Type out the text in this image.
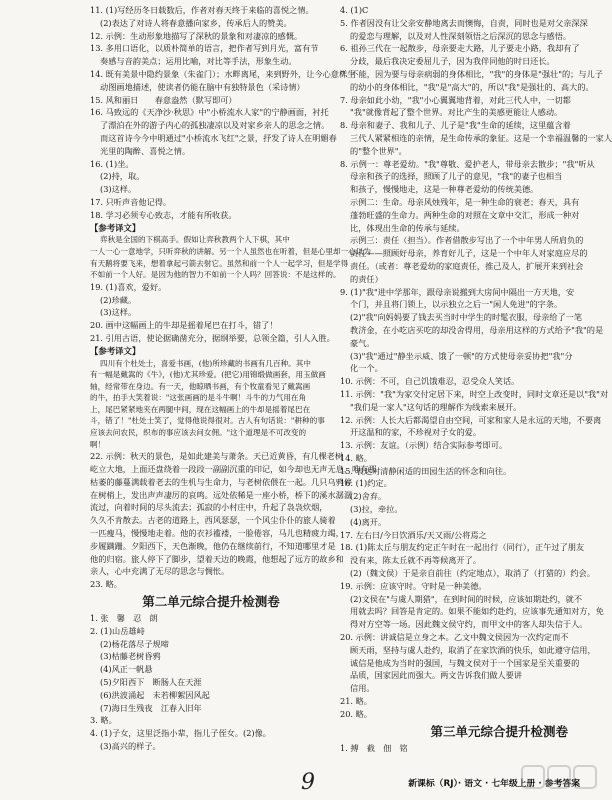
11. (1)写经历冬日载数后，作者对春天终于来临的喜悦之情。
(2)表达了对诗人将春意播向家乡，传承后人的赞美。
12. 示例：生动形象地描写了深秋的景象和对凄凉的感慨。
13. 多用口语化，以质朴简单的语言，把作者写到月光，富有节
奏感与音韵美点；运用比喻，对比等手法，形象生动。
14. 既有美景中隐约景象（朱雀门）；水畔离尾，来到野外，让今心意样生
动图画地描述，使读者仍能在脑中有独特景色（采诗情）
15. 风和丽日　　春意盎然（默写即可）
16. 马致远的《天净沙·秋思》中"小桥流水人家"的宁静画面，衬托
了漂泊在外的游子内心的孤独凄凉以及对家乡亲人的思念之情。
而这首诗今今中明通过"小桥流水飞红"之景，抒发了诗人在明媚春
光里的陶醉、喜悦之情。
16. (1)坐。
(2)持，取。
(3)这样。
17. 只听声音他记得。
18. 学习必须专心致志，才能有所收获。
【参考译文】
弈秋是全国的下棋高手。假如让弈秋教两个人下棋，其中
一人一心一意地学，只听弈秋的讲解。另一个人虽然也在听着，但是心里却一心以为
有天鹅将要飞来，想着拿起弓箭去射它。虽然和前一个人一起学习，但是学得
不如前一个人好。是因为他的智力不如前一个人吗？回答说：不是这样的。
19. (1)喜欢，爱好。
(2)珍藏。
(3)这样。
20. 画中这幅画上的牛却是摇着尾巴在打斗，错了！
21. 引用古语，使论据确凿充分，据纲举要，总领全篇，引人入胜。
【参考译文】
四川有个杜处士，喜爱书画，(他)所珍藏的书画有几百种。其中
有一幅是戴嵩的《牛》，(他)尤其珍爱。(把它)用锦缎做画套，用玉做画
轴，经常带在身边。有一天，他晾晒书画，有个牧童看见了戴嵩画
的牛，拍手大笑着说："这张画画的是斗牛啊！斗牛的力气用在角
上，尾巴紧紧地夹在两腿中间，现在这幅画上的牛却是摇着尾巴在
斗，错了！"杜处士笑了，觉得他说得很对。古人有句话说："耕种的事
应该去问农民，织布的事应该去问女佣。"这个道理是不可改变的
啊！
22. 示例：秋天的景色，是如此建美与萧条。天已近黄昏，有几棵老树
屹立大地，上面还盘绕着一段段一副副沉重的印记，如今却也无声无息，唯有那
枯萎的藤蔓满载着老去的生机与生命力，与老树依偎在一起。几只乌鸦停
在树梢上，发出声声凄厉的哀鸣。远处依稀是一座小桥，桥下的溪水潺潺
流过，向着时间的尽头流去；孤寂的小村庄中，升起了袅袅炊烟，
久久不肯散去。古老的道路上，西风瑟瑟，一个风尘仆仆的旅人骑着
一匹瘦马，慢慢地走着。他的衣衫褴褛，一脸倦容，马儿也精疲力竭，
步履蹒跚。夕阳西下，天色渐晚，他仍在继续前行，不知道哪里才是
他的归宿。旅人停下了脚步，望着天边的晚霞，他想起了远方的故乡和
亲人，心中充满了无尽的思念与惆怅。
23. 略。
第二单元综合提升检测卷
1. 张　馨　忍　朗
2. (1)山岳雄峙
(2)杨花落尽子规啼
(3)枯藤老树昏鸦
(4)风正一帆悬
(5)夕阳西下　断肠人在天涯
(6)洪波涌起　未若柳絮因风起
(7)海日生残夜　江春入旧年
3. 略。
4. (1)子女，这里泛指小辈，指儿子侄女。(2)像。
(3)高兴的样子。
4. (1)C
5. 作者因没有让父亲安静地离去而懊悔，自责，同时也是对父亲深深
的爱恋与理解，以及对人性深刻领悟之后深沉的思念与感悟。
6. 祖孙三代在一起散步，母亲要走大路，儿子要走小路，我却有了
分歧，最后我决定委屈儿子，因为我伴同他的时日还长。
7. 不能，因为要与母亲病弱的身体相比，"我"的身体是"强壮"的；与儿子
的幼小的身体相比，"我"是"高大"的，所以"我"是强壮的、高大的。
7. 母亲如此小幼，"我"小心翼翼地背着，对此三代人中，一切都
"我"就像背起了整个世界。对比产生的美感更能让人感动。
8. 母亲和妻子、我和儿子、儿子是"我"生命的延续，这里蕴含着
三代人紧紧相连的亲情，是生命传承的象征。这是一个幸福温馨的一家人
的"整个世界"。
8. 示例一：尊老爱幼。"我"尊敬、爱护老人，带母亲去散步；"我"听从
母亲和孩子的选择，照顾了儿子的意见，"我"的妻子也相当
和孩子，慢慢地走，这是一种尊老爱幼的传统美德。
示例二：生命。母亲风烛残年，是一种生命的衰老；春天，具有
蓬勃旺盛的生命力。两种生命的对照在文章中交汇，形成一种对
比，体现出生命的传承与延续。
示例三：责任（担当）。作者借散步写出了一个中年男人所肩负的
责任——照顾好母亲，养育好儿子，这是一个中年人对家庭应尽的
责任。（或者：尊老爱幼的家庭责任，推己及人，扩展开来到社会
的责任）
9. (1)"我"进中学那年，跟母亲说搬到大房间中隔出一方天地，安
个门，并且将门锁上，以示独立之后一"闲人免进"的字条。
(2)"我"向妈妈要了钱去买当时中学生的时髦衣服，母亲给了一笔
教济金，在小吃店买吃的却没舍得用，母亲用这样的方式给予"我"的是
豪气。
(3)"我"通过"静坐示威、饿了一顿"的方式使母亲妥协把"我"分
化一个。
10. 示例：不可，自己饥饿难忍，忍受众人笑话。
11. 示例："我"为家交付定居下来，时空上改变时，同时文章还是以"我"对
"我们是一家人"这句话的理解作为线索来展开。
12. 示例：人长大后都渴望自由空间，可家和家人是永远的天地，不要离
开这温和的家，不珍视对子女的爱。
13. 示例：友谊。（示例）结合实际参考即可。
14. 略。
15. 表达对清静闲适的田园生活的怀念和向往。
16. (1)约定。
(2)舍弃。
(3)拉，牵拉。
(4)离开。
17. 左右曰/今日饮酒乐/天又雨/公将焉之
18. (1)陈太丘与朋友约定正午时在一起出行（同行），正午过了朋友
没有来，陈太丘就不再等候离开了。
(2)（魏文侯）于是亲自前往（约定地点），取消了（打猎的）约会。
19. 示例：应该守时。守时是一种美德。
(2)文侯在"与虞人期猎"，在到时间的时候，应该如期赴约，就不
用就去吗？回答是肯定的。如果不能如约赴约，应该事先通知对方，免
得对方空等一场。因此魏文侯守约，而甲文中的客人却失信于人。
20. 示例：讲诚信是立身之本。乙文中魏文侯因为一次约定而不
顾天雨，坚持与虞人赴约，取消了在家饮酒的快乐，如此遵守信用，
诚信是他成为当时的强国，与魏文侯对于一个国家是至关重要的
品质，国家因此而强大。两文告诉我们做人要讲
信用。
21. 略。
20. 略。
第三单元综合提升检测卷
1. 搏　截　佃　铭
9	新课标（RJ）· 语文 · 七年级上册 · 参考答案
